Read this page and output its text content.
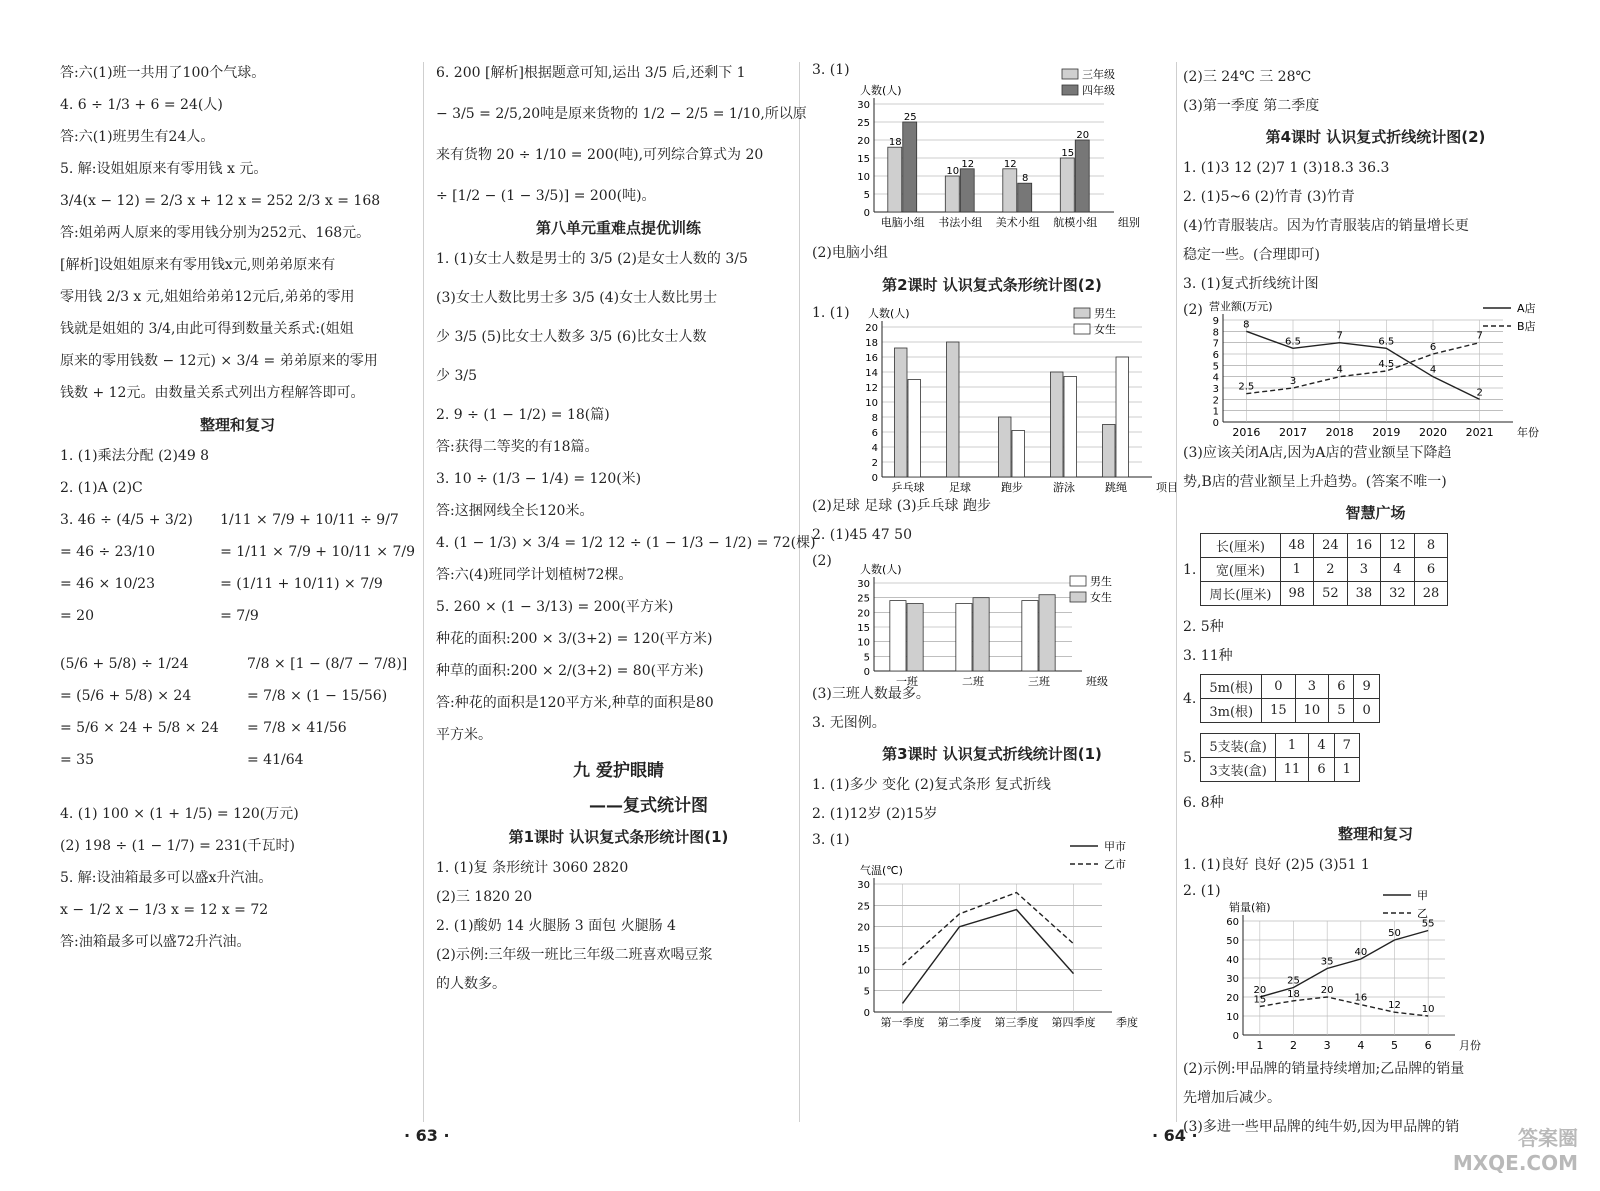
答:六(1)班一共用了100个气球。
4. 6 ÷ 1/3 + 6 = 24(人)
答:六(1)班男生有24人。
5. 解:设姐姐原来有零用钱 x 元。
3/4(x − 12) = 2/3 x + 12 x = 252 2/3 x = 168
答:姐弟两人原来的零用钱分别为252元、168元。
[解析]设姐姐原来有零用钱x元,则弟弟原来有
零用钱 2/3 x 元,姐姐给弟弟12元后,弟弟的零用
钱就是姐姐的 3/4,由此可得到数量关系式:(姐姐
原来的零用钱数 − 12元) × 3/4 = 弟弟原来的零用
钱数 + 12元。由数量关系式列出方程解答即可。
整理和复习
1. (1)乘法分配 (2)49 8
2. (1)A (2)C
3. 46 ÷ (4/5 + 3/2)
= 46 ÷ 23/10
= 46 × 10/23
= 20
1/11 × 7/9 + 10/11 ÷ 9/7
= 1/11 × 7/9 + 10/11 × 7/9
= (1/11 + 10/11) × 7/9
= 7/9
(5/6 + 5/8) ÷ 1/24
= (5/6 + 5/8) × 24
= 5/6 × 24 + 5/8 × 24
= 35
7/8 × [1 − (8/7 − 7/8)]
= 7/8 × (1 − 15/56)
= 7/8 × 41/56
= 41/64
4. (1) 100 × (1 + 1/5) = 120(万元)
(2) 198 ÷ (1 − 1/7) = 231(千瓦时)
5. 解:设油箱最多可以盛x升汽油。
x − 1/2 x − 1/3 x = 12 x = 72
答:油箱最多可以盛72升汽油。
6. 200 [解析]根据题意可知,运出 3/5 后,还剩下 1
− 3/5 = 2/5,20吨是原来货物的 1/2 − 2/5 = 1/10,所以原
来有货物 20 ÷ 1/10 = 200(吨),可列综合算式为 20
÷ [1/2 − (1 − 3/5)] = 200(吨)。
第八单元重难点提优训练
1. (1)女士人数是男士的 3/5 (2)是女士人数的 3/5
(3)女士人数比男士多 3/5 (4)女士人数比男士
少 3/5 (5)比女士人数多 3/5 (6)比女士人数
少 3/5
2. 9 ÷ (1 − 1/2) = 18(篇)
答:获得二等奖的有18篇。
3. 10 ÷ (1/3 − 1/4) = 120(米)
答:这捆网线全长120米。
4. (1 − 1/3) × 3/4 = 1/2 12 ÷ (1 − 1/3 − 1/2) = 72(棵)
答:六(4)班同学计划植树72棵。
5. 260 × (1 − 3/13) = 200(平方米)
种花的面积:200 × 3/(3+2) = 120(平方米)
种草的面积:200 × 2/(3+2) = 80(平方米)
答:种花的面积是120平方米,种草的面积是80
平方米。
九 爱护眼睛
——复式统计图
第1课时 认识复式条形统计图(1)
1. (1)复 条形统计 3060 2820
(2)三 1820 20
2. (1)酸奶 14 火腿肠 3 面包 火腿肠 4
(2)示例:三年级一班比三年级二班喜欢喝豆浆
的人数多。
3. (1)
0
5
10
15
20
25
30
人数(人)
组别
18
25
电脑小组
10
12
书法小组
12
8
美术小组
15
20
航模小组
三年级
四年级
(2)电脑小组
第2课时 认识复式条形统计图(2)
1. (1)
0
2
4
6
8
10
12
14
16
18
20
人数(人)
项目
乒乓球 足球	跑步	游泳	跳绳
男生
女生
(2)足球 足球 (3)乒乓球 跑步
2. (1)45 47 50
(2)
0
5
10
15
20
25
30
人数(人)
班级
一班	二班	三班
男生
女生
(3)三班人数最多。
3. 无图例。
第3课时 认识复式折线统计图(1)
1. (1)多少 变化 (2)复式条形 复式折线
2. (1)12岁 (2)15岁
3. (1)
0
5
10
15
20
25
30
气温(℃)
季度
第一季度 第二季度 第三季度 第四季度
甲市
乙市
(2)三 24℃ 三 28℃
(3)第一季度 第二季度
第4课时 认识复式折线统计图(2)
1. (1)3 12 (2)7 1 (3)18.3 36.3
2. (1)5~6 (2)竹青 (3)竹青
(4)竹青服装店。因为竹青服装店的销量增长更
稳定一些。(合理即可)
3. (1)复式折线统计图
(2)
0
1
2
3
4
5
6
7
8
9
营业额(万元)
年份
2016 2017 2018 2019 2020 2021
8
6.5
7
6.5
4
2
A店
2.5
3
4
4.5
6
7
B店
(3)应该关闭A店,因为A店的营业额呈下降趋
势,B店的营业额呈上升趋势。(答案不唯一)
智慧广场
1.
长(厘米)	48	24	16	12	8
宽(厘米)	1	2	3	4	6
周长(厘米)	98	52	38	32	28
2. 5种
3. 11种
4.
5m(根)	0	3	6	9
3m(根)	15	10	5	0
5.
5支装(盒)	1	4	7
3支装(盒)	11	6	1
6. 8种
整理和复习
1. (1)良好 良好 (2)5 (3)51 1
2. (1)
0
10
20
30
40
50
60
销量(箱)
月份
1 2 3 4 5 6
20
25
35
40
50
55
甲
15
18 20
16
12 10
乙
(2)示例:甲品牌的销量持续增加;乙品牌的销量
先增加后减少。
(3)多进一些甲品牌的纯牛奶,因为甲品牌的销
· 63 ·	· 64 ·	答案圈
MXQE.COM
